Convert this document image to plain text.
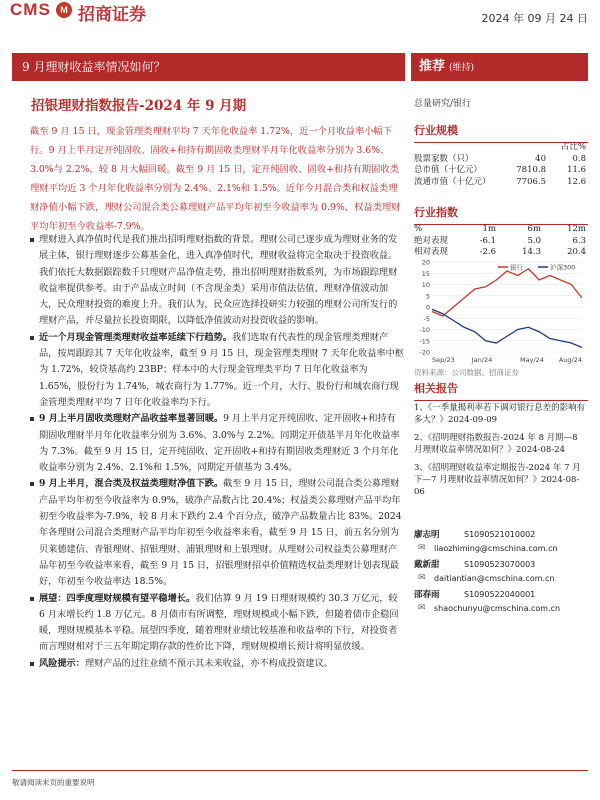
CMS	M 招商证券	2024 年 09 月 24 日
9 月理财收益率情况如何？	推荐 (维持)
招银理财指数报告-2024 年 9 月期	总量研究/银行
截至 9 月 15 日，现金管理类理财平均 7 天年化收益率 1.72%，近一个月收益率小幅下行。9 月上半月定开纯固收、固收+和持有期固收类理财半月年化收益率分别为 3.6%、3.0%与 2.2%，较 8 月大幅回暖。截至 9 月 15 日，定开纯固收、固收+和持有期固收类理财平均近 3 个月年化收益率分别为 2.4%、2.1%和 1.5%。近年今月混合类和权益类理财净值小幅下跌，理财公司混合类公募理财产品平均年初至今收益率为 0.9%，权益类理财平均年初至今收益率-7.9%。
理财进入真净值时代是我们推出招明理财指数的背景。理财公司已逐步成为理财业务的发展主体，银行理财逐步公募基金化，进入真净值时代，理财收益将完全取决于投资收益。我们依托大数据跟踪数千只理财产品净值走势，推出招明理财指数系列，为市场跟踪理财收益率提供参考。由于产品成立时间（不含现金类）采用市值法估值，理财净值波动加大，民众理财投资的难度上升。我们认为，民众应选择投研实力较强的理财公司所发行的理财产品，并尽量拉长投资期限，以降低净值波动对投资收益的影响。
近一个月现金管理类理财收益率延续下行趋势。我们选取有代表性的现金管理类理财产品，按周跟踪其 7 天年化收益率，截至 9 月 15 日，现金管理类理财 7 天年化收益率中枢为 1.72%，较贷基高约 23BP；样本中的大行现金管理类平均 7 日年化收益率为 1.65%，股份行为 1.74%，城农商行为 1.77%。近一个月，大行、股份行和城农商行现金管理类理财平均 7 日年化收益率均下行。
9 月上半月固收类理财产品收益率显著回暖。9 月上半月定开纯固收、定开固收+和持有期固收理财半月年化收益率分别为 3.6%、3.0%与 2.2%。同期定开债基半月年化收益率为 7.3%。截至 9 月 15 日，定开纯固收、定开固收+和持有期固收类理财近 3 个月年化收益率分别为 2.4%、2.1%和 1.5%，同期定开债基为 3.4%。
9 月上半月，混合类及权益类理财净值下跌。截至 9 月 15 日，理财公司混合类公募理财产品平均年初至今收益率为 0.9%，破净产品数占比 20.4%；权益类公募理财产品平均年初至今收益率为-7.9%，较 8 月末下跌约 2.4 个百分点，破净产品数量占比 83%。2024 年各理财公司混合类理财产品平均年初至今收益率来看，截至 9 月 15 日，前五名分别为贝莱德建信、青银理财、招银理财、浦银理财和上银理财。从理财公司权益类公募理财产品年初至今收益率来看，截至 9 月 15 日，招银理财招卓价值精选权益类理财计划表现最好，年初至今收益率达 18.5%。
展望：四季度理财规模有望平稳增长。我们估算 9 月 19 日理财规模约 30.3 万亿元，较 6 月末增长约 1.8 万亿元。8 月债市有所调整，理财规模或小幅下跌，但随着债市企稳回暖，理财规模基本平稳。展望四季度，随着理财业绩比较基准和收益率的下行，对投资者而言理财相对于三五年期定期存款的性价比下降，理财规模增长预计将明显放缓。
风险提示：理财产品的过往业绩不预示其未来收益，亦不构成投资建议。
行业规模
占比%
股票家数（只）	40	0.8
总市值（十亿元）	7810.8	11.6
流通市值（十亿元）	7706.5	12.6
行业指数
%	1m	6m	12m
绝对表现	-6.1	5.0	6.3
相对表现	-2.6	14.3	20.4
20
15
10
5
0
-5
-10
-15
-20
Sep/23	Jan/24	May/24 Aug/24
银行	沪深300
资料来源：公司数据、招商证券
相关报告
1、《一季量揭利率若下调对银行息差的影响有多大？》2024-09-09
2、《招明理财指数报告-2024 年 8 月期—8 月理财收益率情况如何？》2024-08-24
3、《招明理财收益率定期报告-2024 年 7 月下—7 月理财收益率情况如何？》2024-08-06
廖志明	S1090521010002
✉ liaozhiming@cmschina.com.cn
戴新甜	S1090523070003
✉ daitiantian@cmschina.com.cn
邵春雨	S1090522040001
✉ shaochunyu@cmschina.com.cn
敬请阅读末页的重要说明
